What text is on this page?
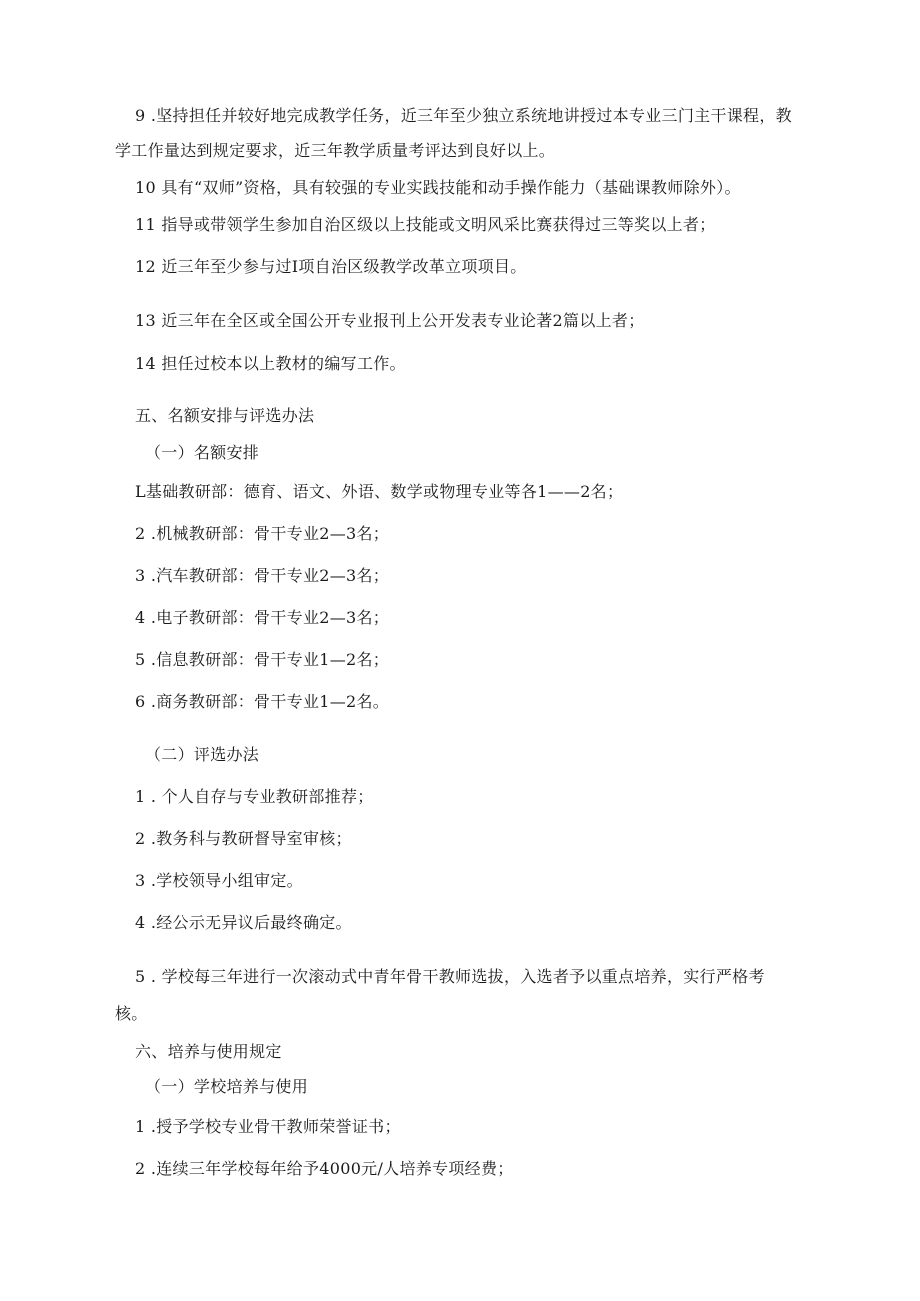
9 .坚持担任并较好地完成教学任务，近三年至少独立系统地讲授过本专业三门主干课程，教

学工作量达到规定要求，近三年教学质量考评达到良好以上。

10 具有“双师”资格，具有较强的专业实践技能和动手操作能力（基础课教师除外）。

11 指导或带领学生参加自治区级以上技能或文明风采比赛获得过三等奖以上者；

12 近三年至少参与过I项自治区级教学改革立项项目。

13 近三年在全区或全国公开专业报刊上公开发表专业论著2篇以上者；

14 担任过校本以上教材的编写工作。

五、名额安排与评选办法

（一）名额安排

L基础教研部：德育、语文、外语、数学或物理专业等各1——2名；

2 .机械教研部：骨干专业2—3名；

3 .汽车教研部：骨干专业2—3名；

4 .电子教研部：骨干专业2—3名；

5 .信息教研部：骨干专业1—2名；

6 .商务教研部：骨干专业1—2名。

（二）评选办法

1 . 个人自存与专业教研部推荐；

2 .教务科与教研督导室审核；

3 .学校领导小组审定。

4 .经公示无异议后最终确定。

5 . 学校每三年进行一次滚动式中青年骨干教师选拔，入选者予以重点培养，实行严格考

核。

六、培养与使用规定

（一）学校培养与使用

1 .授予学校专业骨干教师荣誉证书；

2 .连续三年学校每年给予4000元/人培养专项经费；
